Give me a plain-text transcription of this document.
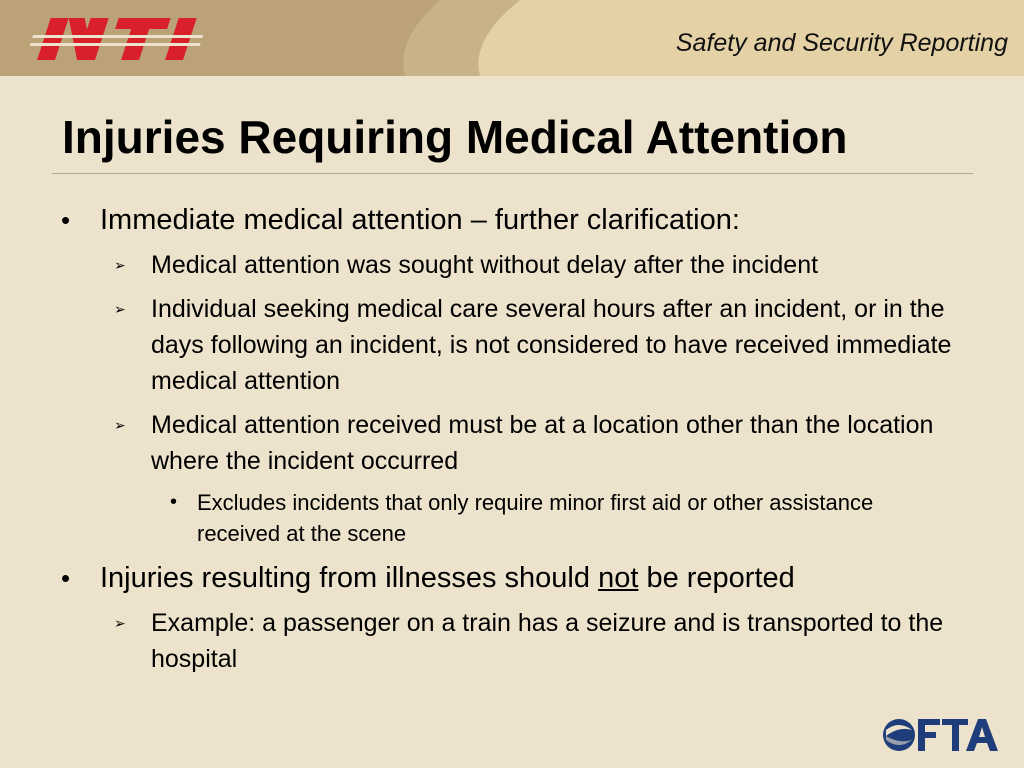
Safety and Security Reporting
Injuries Requiring Medical Attention
• Immediate medical attention – further clarification:
➢ Medical attention was sought without delay after the incident
➢ Individual seeking medical care several hours after an incident, or in the days following an incident, is not considered to have received immediate medical attention
➢ Medical attention received must be at a location other than the location where the incident occurred
• Excludes incidents that only require minor first aid or other assistance received at the scene
• Injuries resulting from illnesses should not be reported
➢ Example: a passenger on a train has a seizure and is transported to the hospital
